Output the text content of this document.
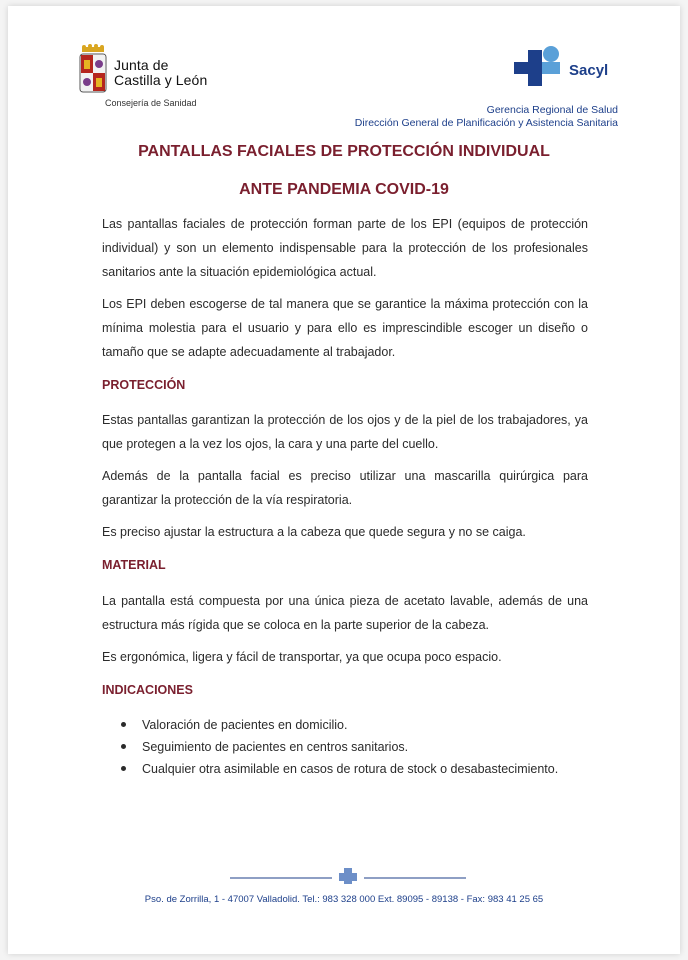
Junta de
Castilla y León
Consejería de Sanidad
Sacyl
Gerencia Regional de Salud
Dirección General de Planificación y Asistencia Sanitaria
PANTALLAS FACIALES DE PROTECCIÓN INDIVIDUAL
ANTE PANDEMIA COVID-19
Las pantallas faciales de protección forman parte de los EPI (equipos de protección individual) y son un elemento indispensable para la protección de los profesionales sanitarios ante la situación epidemiológica actual.
Los EPI deben escogerse de tal manera que se garantice la máxima protección con la mínima molestia para el usuario y para ello es imprescindible escoger un diseño o tamaño que se adapte adecuadamente al trabajador.
PROTECCIÓN
Estas pantallas garantizan la protección de los ojos y de la piel de los trabajadores, ya que protegen a la vez los ojos, la cara y una parte del cuello.
Además de la pantalla facial es preciso utilizar una mascarilla quirúrgica para garantizar la protección de la vía respiratoria.
Es preciso ajustar la estructura a la cabeza que quede segura y no se caiga.
MATERIAL
La pantalla está compuesta por una única pieza de acetato lavable, además de una estructura más rígida que se coloca en la parte superior de la cabeza.
Es ergonómica, ligera y fácil de transportar, ya que ocupa poco espacio.
INDICACIONES
Valoración de pacientes en domicilio.
Seguimiento de pacientes en centros sanitarios.
Cualquier otra asimilable en casos de rotura de stock o desabastecimiento.
Pso. de Zorrilla, 1 - 47007 Valladolid. Tel.: 983 328 000 Ext. 89095 - 89138 - Fax: 983 41 25 65
